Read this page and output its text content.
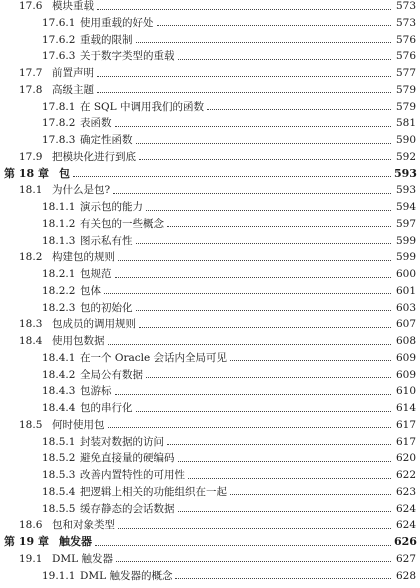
17.6 模块重载	573
17.6.1 使用重载的好处	573
17.6.2 重载的限制	576
17.6.3 关于数字类型的重载	576
17.7 前置声明	577
17.8 高级主题	579
17.8.1 在 SQL 中调用我们的函数	579
17.8.2 表函数	581
17.8.3 确定性函数	590
17.9 把模块化进行到底	592
第 18 章 包	593
18.1 为什么是包?	593
18.1.1 演示包的能力	594
18.1.2 有关包的一些概念	597
18.1.3 图示私有性	599
18.2 构建包的规则	599
18.2.1 包规范	600
18.2.2 包体	601
18.2.3 包的初始化	603
18.3 包成员的调用规则	607
18.4 使用包数据	608
18.4.1 在一个 Oracle 会话内全局可见	609
18.4.2 全局公有数据	609
18.4.3 包游标	610
18.4.4 包的串行化	614
18.5 何时使用包	617
18.5.1 封装对数据的访问	617
18.5.2 避免直接量的硬编码	620
18.5.3 改善内置特性的可用性	622
18.5.4 把逻辑上相关的功能组织在一起	623
18.5.5 缓存静态的会话数据	624
18.6 包和对象类型	624
第 19 章 触发器	626
19.1 DML 触发器	627
19.1.1 DML 触发器的概念	628
